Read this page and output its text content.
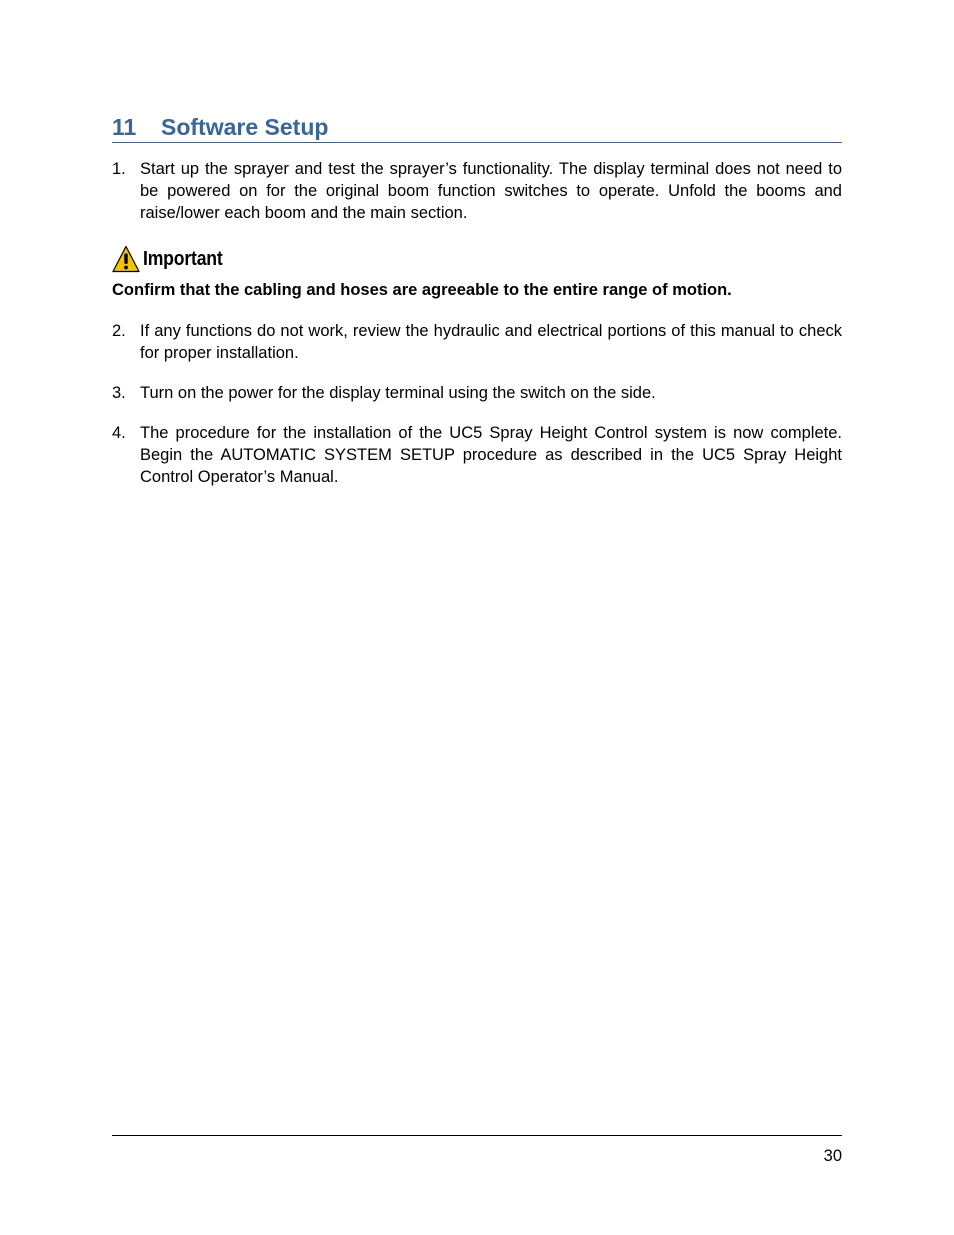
11 Software Setup
1. Start up the sprayer and test the sprayer’s functionality. The display terminal does not need to be powered on for the original boom function switches to operate. Unfold the booms and raise/lower each boom and the main section.
Important
Confirm that the cabling and hoses are agreeable to the entire range of motion.
2. If any functions do not work, review the hydraulic and electrical portions of this manual to check for proper installation.
3. Turn on the power for the display terminal using the switch on the side.
4. The procedure for the installation of the UC5 Spray Height Control system is now complete. Begin the AUTOMATIC SYSTEM SETUP procedure as described in the UC5 Spray Height Control Operator’s Manual.
30
